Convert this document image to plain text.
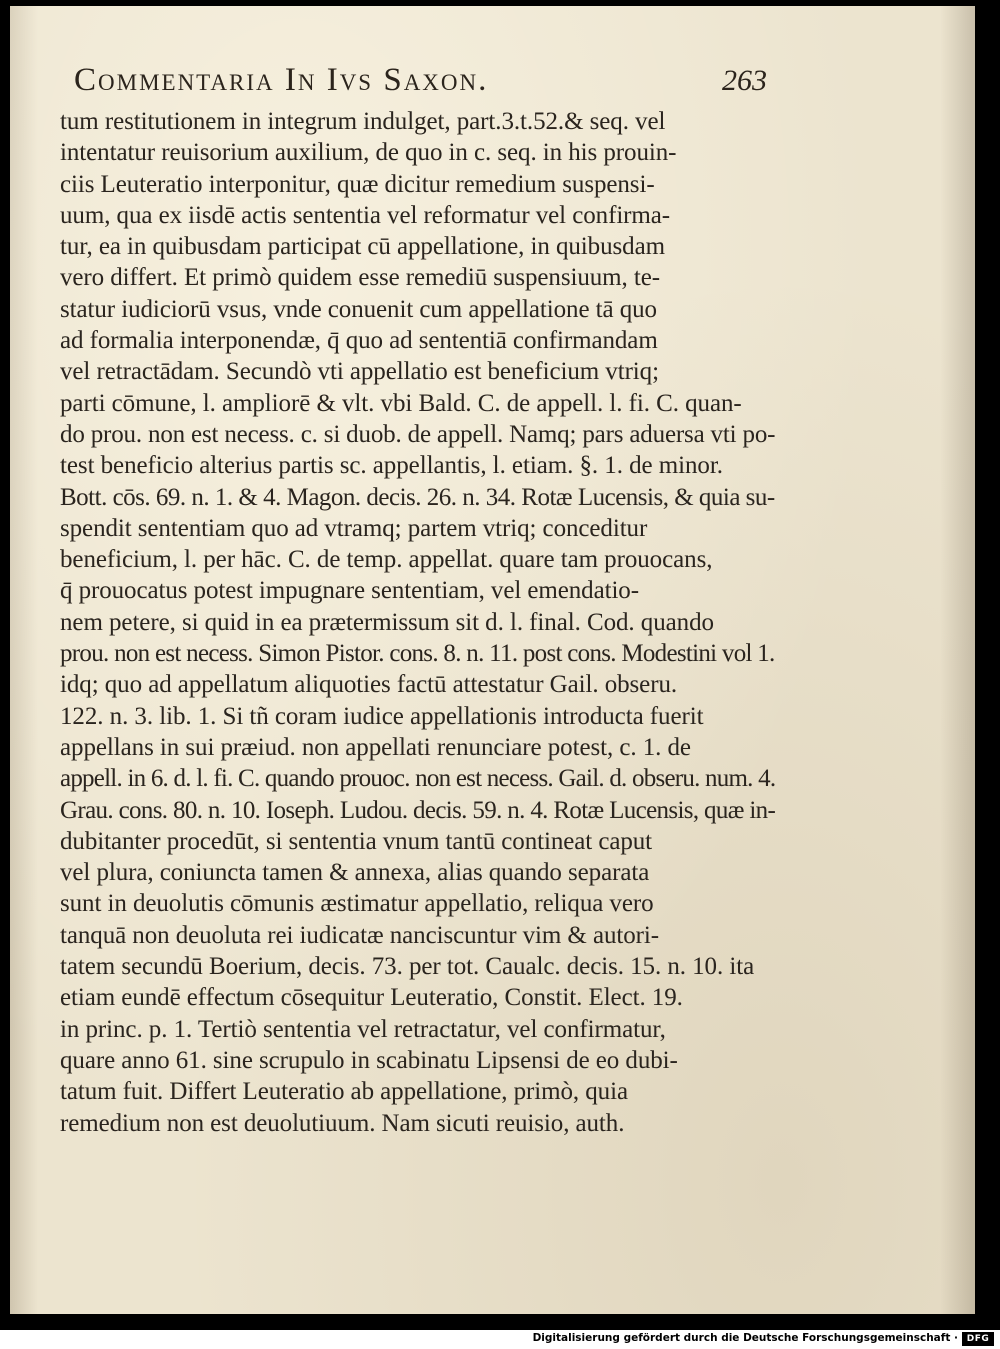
Commentaria In Ivs Saxon.	263
tum restitutionem in integrum indulget, part.3.t.52.& seq. vel
intentatur reuisorium auxilium, de quo in c. seq. in his prouin-
ciis Leuteratio interponitur, quæ dicitur remedium suspensi-
uum, qua ex iisdē actis sententia vel reformatur vel confirma-
tur, ea in quibusdam participat cū appellatione, in quibusdam
vero differt. Et primò quidem esse remediū suspensiuum, te-
statur iudiciorū vsus, vnde conuenit cum appellatione tā quo
ad formalia interponendæ, q̄ quo ad sententiā confirmandam
vel retractādam. Secundò vti appellatio est beneficium vtriq;
parti cōmune, l. ampliorē & vlt. vbi Bald. C. de appell. l. fi. C. quan-
do prou. non est necess. c. si duob. de appell. Namq; pars aduersa vti po-
test beneficio alterius partis sc. appellantis, l. etiam. §. 1. de minor.
Bott. cōs. 69. n. 1. & 4. Magon. decis. 26. n. 34. Rotæ Lucensis, & quia su-
spendit sententiam quo ad vtramq; partem vtriq; conceditur
beneficium, l. per hāc. C. de temp. appellat. quare tam prouocans,
q̄ prouocatus potest impugnare sententiam, vel emendatio-
nem petere, si quid in ea prætermissum sit d. l. final. Cod. quando
prou. non est necess. Simon Pistor. cons. 8. n. 11. post cons. Modestini vol 1.
idq; quo ad appellatum aliquoties factū attestatur Gail. obseru.
122. n. 3. lib. 1. Si tñ coram iudice appellationis introducta fuerit
appellans in sui præiud. non appellati renunciare potest, c. 1. de
appell. in 6. d. l. fi. C. quando prouoc. non est necess. Gail. d. obseru. num. 4.
Grau. cons. 80. n. 10. Ioseph. Ludou. decis. 59. n. 4. Rotæ Lucensis, quæ in-
dubitanter procedūt, si sententia vnum tantū contineat caput
vel plura, coniuncta tamen & annexa, alias quando separata
sunt in deuolutis cōmunis æstimatur appellatio, reliqua vero
tanquā non deuoluta rei iudicatæ nanciscuntur vim & autori-
tatem secundū Boerium, decis. 73. per tot. Caualc. decis. 15. n. 10. ita
etiam eundē effectum cōsequitur Leuteratio, Constit. Elect. 19.
in princ. p. 1. Tertiò sententia vel retractatur, vel confirmatur,
quare anno 61. sine scrupulo in scabinatu Lipsensi de eo dubi-
tatum fuit. Differt Leuteratio ab appellatione, primò, quia
remedium non est deuolutiuum. Nam sicuti reuisio, auth.
Digitalisierung gefördert durch die Deutsche Forschungsgemeinschaft · DFG
